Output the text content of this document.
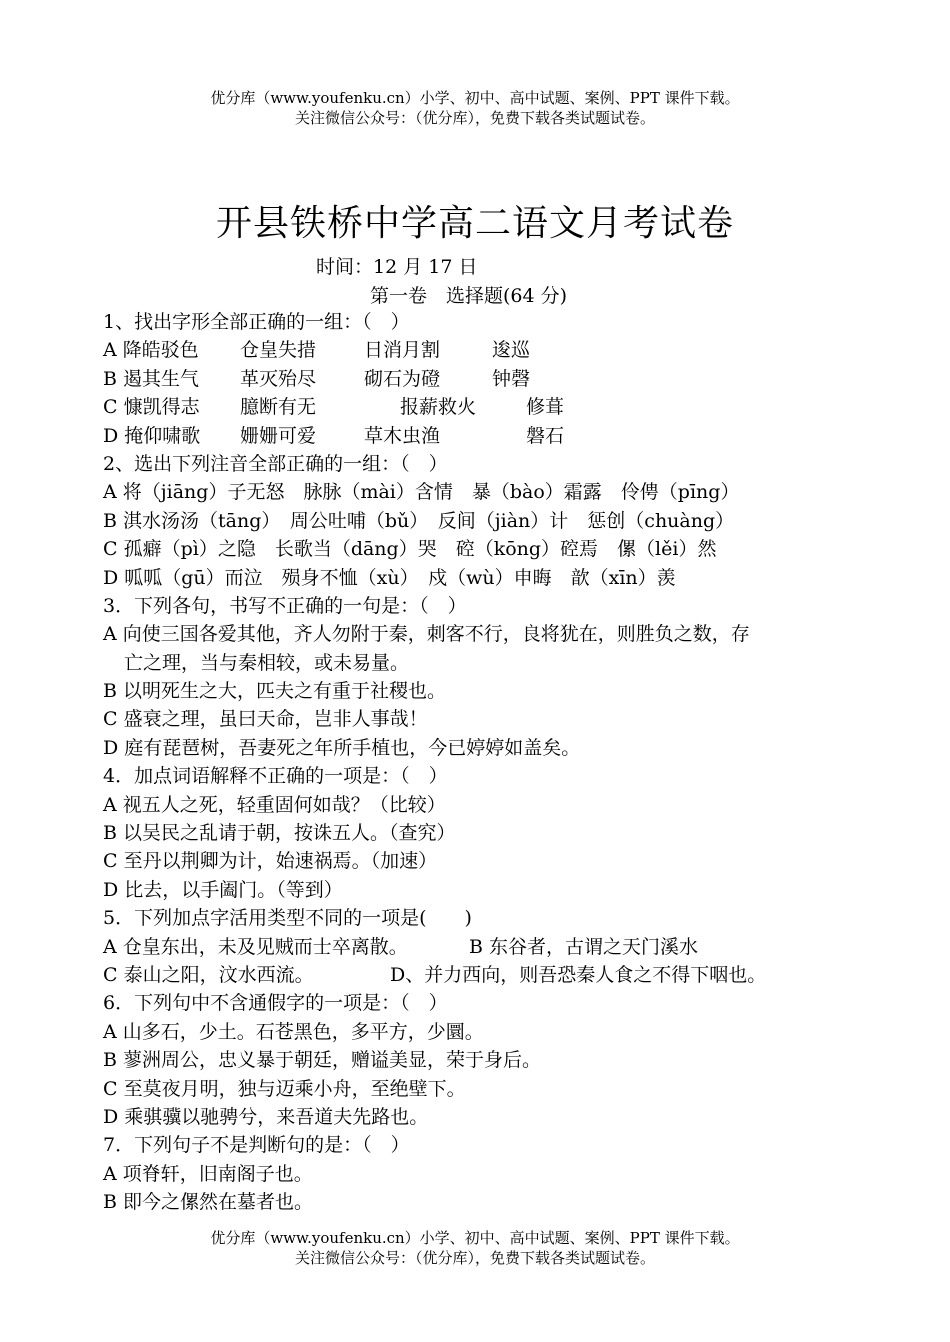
优分库（www.youfenku.cn）小学、初中、高中试题、案例、PPT 课件下载。
关注微信公众号：（优分库），免费下载各类试题试卷。
开县铁桥中学高二语文月考试卷
时间：12 月 17 日
第一卷　选择题(64 分)
1、找出字形全部正确的一组：（　）
A 降皓驳色 仓皇失措	日消月割	逡巡
B 遏其生气 革灭殆尽	砌石为磴	钟磬
C 慷凯得志 臆断有无	报薪救火	修葺
D 掩仰啸歌 姗姗可爱	草木虫渔	磐石
2、选出下列注音全部正确的一组：（　）
A 将（jiāng）子无怒　脉脉（mài）含情　暴（bào）霜露　伶俜（pīng）
B 淇水汤汤（tāng）　周公吐哺（bǔ）　反间（jiàn）计　惩创（chuàng）
C 孤癖（pì）之隐　长歌当（dāng）哭　硿（kōng）硿焉　傫（lěi）然
D 呱呱（gū）而泣　殒身不恤（xù）　戍（wù）申晦　歆（xīn）羡
3．下列各句，书写不正确的一句是：（　）
A 向使三国各爱其他，齐人勿附于秦，刺客不行，良将犹在，则胜负之数，存
亡之理，当与秦相较，或未易量。
B 以明死生之大，匹夫之有重于社稷也。
C 盛衰之理，虽曰天命，岂非人事哉！
D 庭有琵琶树，吾妻死之年所手植也，今已婷婷如盖矣。
4．加点词语解释不正确的一项是：（　）
A 视五人之死，轻重固何如哉？（比较）
B 以吴民之乱请于朝，按诛五人。（查究）
C 至丹以荆卿为计，始速祸焉。（加速）
D 比去，以手阖门。（等到）
5．下列加点字活用类型不同的一项是(　　)
A 仓皇东出，未及见贼而士卒离散。	B 东谷者，古谓之天门溪水
C 泰山之阳，汶水西流。	D、并力西向，则吾恐秦人食之不得下咽也。
6．下列句中不含通假字的一项是：（　）
A 山多石，少土。石苍黑色，多平方，少圜。
B 蓼洲周公，忠义暴于朝廷，赠谥美显，荣于身后。
C 至莫夜月明，独与迈乘小舟，至绝壁下。
D 乘骐骥以驰骋兮，来吾道夫先路也。
7．下列句子不是判断句的是：（　）
A 项脊轩，旧南阁子也。
B 即今之傫然在墓者也。
优分库（www.youfenku.cn）小学、初中、高中试题、案例、PPT 课件下载。
关注微信公众号：（优分库），免费下载各类试题试卷。
